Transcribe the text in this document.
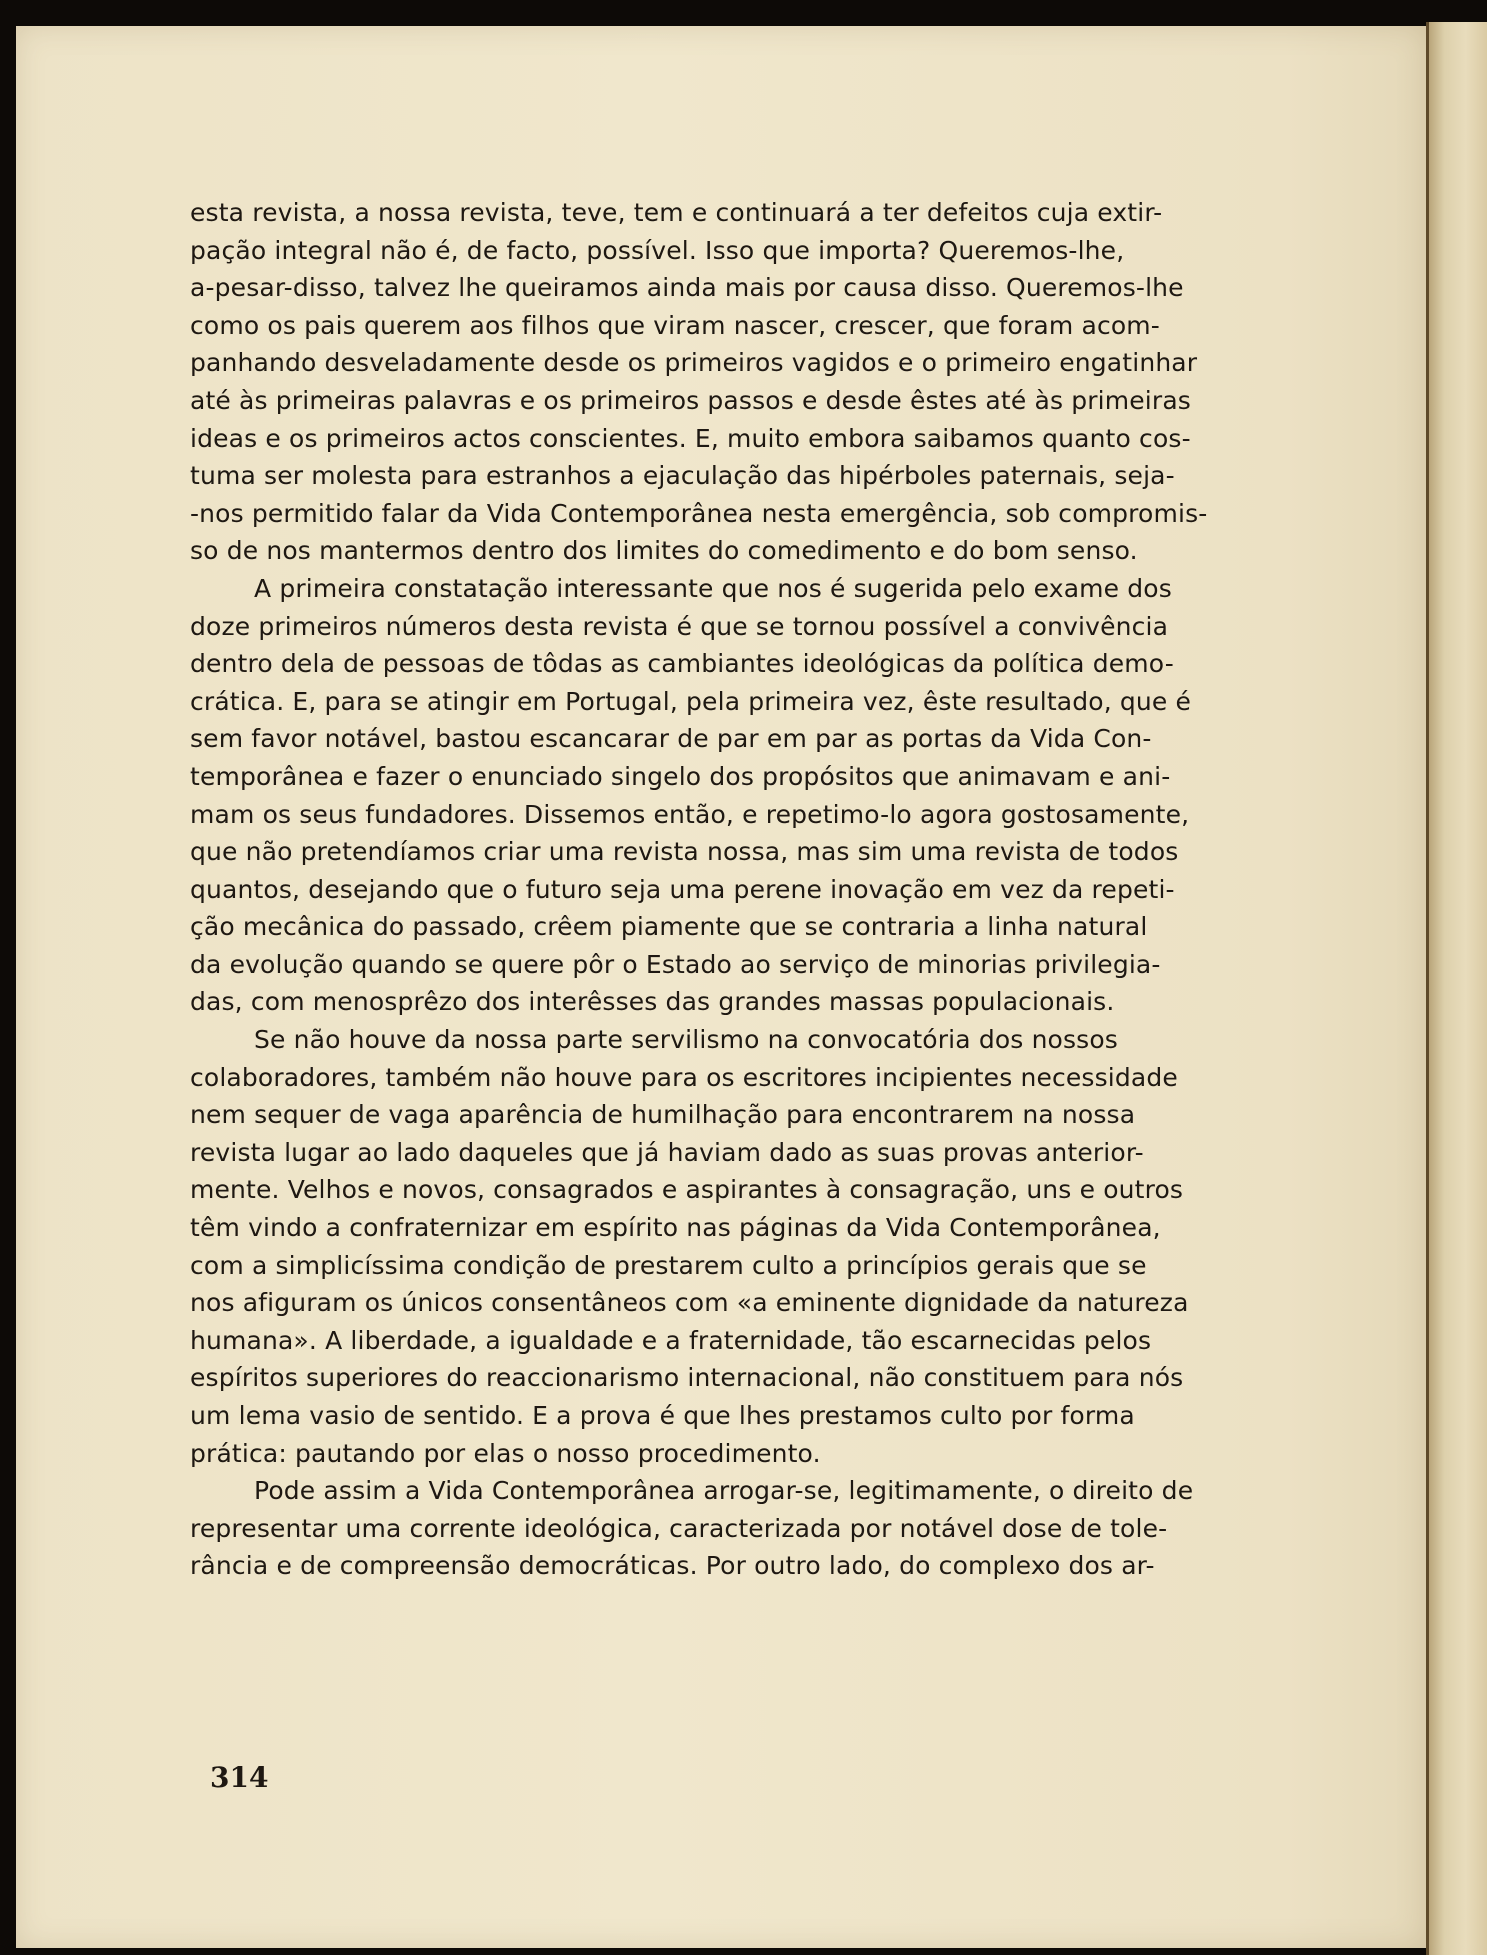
esta revista, a nossa revista, teve, tem e continuará a ter defeitos cuja extir-
pação integral não é, de facto, possível. Isso que importa? Queremos-lhe,
a-pesar-disso, talvez lhe queiramos ainda mais por causa disso. Queremos-lhe
como os pais querem aos filhos que viram nascer, crescer, que foram acom-
panhando desveladamente desde os primeiros vagidos e o primeiro engatinhar
até às primeiras palavras e os primeiros passos e desde êstes até às primeiras
ideas e os primeiros actos conscientes. E, muito embora saibamos quanto cos-
tuma ser molesta para estranhos a ejaculação das hipérboles paternais, seja-
-nos permitido falar da Vida Contemporânea nesta emergência, sob compromis-
so de nos mantermos dentro dos limites do comedimento e do bom senso.

A primeira constatação interessante que nos é sugerida pelo exame dos
doze primeiros números desta revista é que se tornou possível a convivência
dentro dela de pessoas de tôdas as cambiantes ideológicas da política demo-
crática. E, para se atingir em Portugal, pela primeira vez, êste resultado, que é
sem favor notável, bastou escancarar de par em par as portas da Vida Con-
temporânea e fazer o enunciado singelo dos propósitos que animavam e ani-
mam os seus fundadores. Dissemos então, e repetimo-lo agora gostosamente,
que não pretendíamos criar uma revista nossa, mas sim uma revista de todos
quantos, desejando que o futuro seja uma perene inovação em vez da repeti-
ção mecânica do passado, crêem piamente que se contraria a linha natural
da evolução quando se quere pôr o Estado ao serviço de minorias privilegia-
das, com menosprêzo dos interêsses das grandes massas populacionais.

Se não houve da nossa parte servilismo na convocatória dos nossos
colaboradores, também não houve para os escritores incipientes necessidade
nem sequer de vaga aparência de humilhação para encontrarem na nossa
revista lugar ao lado daqueles que já haviam dado as suas provas anterior-
mente. Velhos e novos, consagrados e aspirantes à consagração, uns e outros
têm vindo a confraternizar em espírito nas páginas da Vida Contemporânea,
com a simplicíssima condição de prestarem culto a princípios gerais que se
nos afiguram os únicos consentâneos com «a eminente dignidade da natureza
humana». A liberdade, a igualdade e a fraternidade, tão escarnecidas pelos
espíritos superiores do reaccionarismo internacional, não constituem para nós
um lema vasio de sentido. E a prova é que lhes prestamos culto por forma
prática: pautando por elas o nosso procedimento.

Pode assim a Vida Contemporânea arrogar-se, legitimamente, o direito de
representar uma corrente ideológica, caracterizada por notável dose de tole-
rância e de compreensão democráticas. Por outro lado, do complexo dos ar-

314
